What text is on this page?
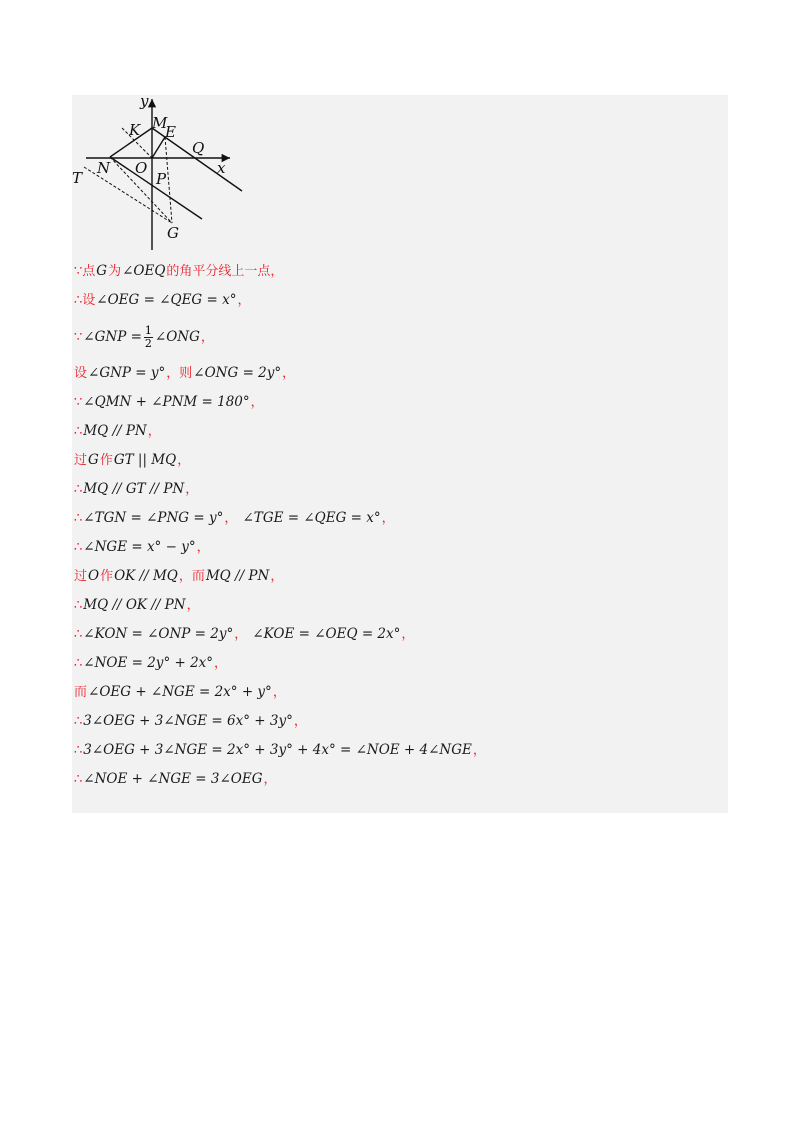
y
x
K M
E
Q
N O
P
T
G
∵点G为∠OEQ的角平分线上一点，
∴设∠OEG = ∠QEG = x°，
∵∠GNP = $\frac{1}{2}$ ∠ONG，
设∠GNP = y°，则∠ONG = 2y°，
∵∠QMN + ∠PNM = 180°，
∴MQ // PN，
过G作GT || MQ，
∴MQ // GT // PN，
∴∠TGN = ∠PNG = y°， ∠TGE = ∠QEG = x°，
∴∠NGE = x° − y°，
过O作OK // MQ，而MQ // PN，
∴MQ // OK // PN，
∴∠KON = ∠ONP = 2y°， ∠KOE = ∠OEQ = 2x°，
∴∠NOE = 2y° + 2x°，
而∠OEG + ∠NGE = 2x° + y°，
∴3∠OEG + 3∠NGE = 6x° + 3y°，
∴3∠OEG + 3∠NGE = 2x° + 3y° + 4x° = ∠NOE + 4∠NGE，
∴∠NOE + ∠NGE = 3∠OEG，
